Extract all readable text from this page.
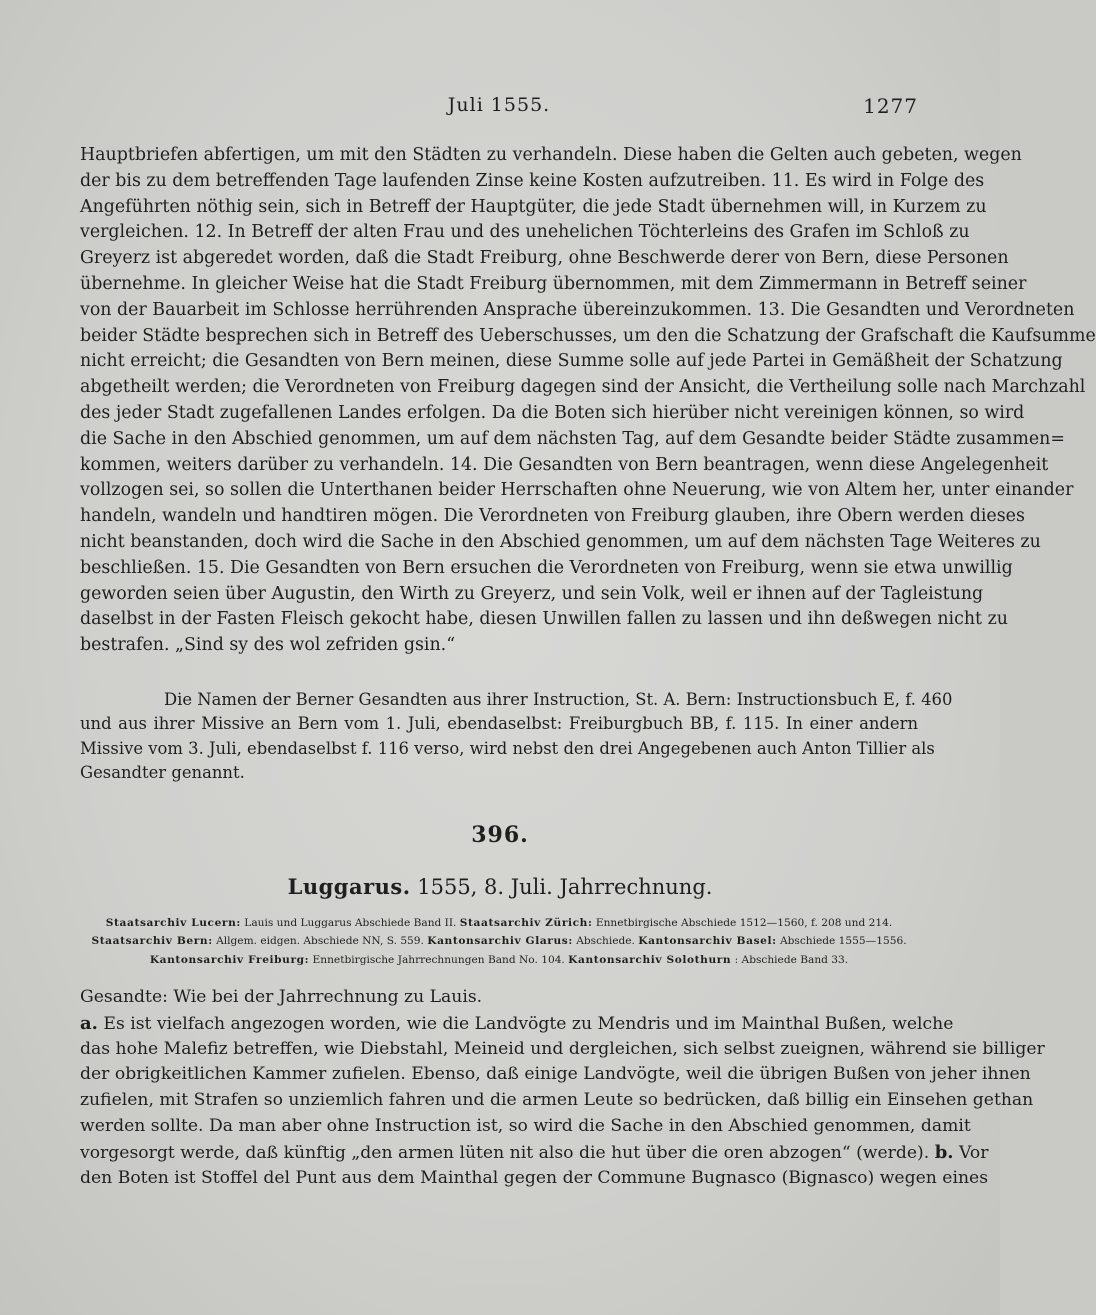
Juli 1555.	1277
Hauptbriefen abfertigen, um mit den Städten zu verhandeln. Diese haben die Gelten auch gebeten, wegen
der bis zu dem betreffenden Tage laufenden Zinse keine Kosten aufzutreiben. 11. Es wird in Folge des
Angeführten nöthig sein, sich in Betreff der Hauptgüter, die jede Stadt übernehmen will, in Kurzem zu
vergleichen. 12. In Betreff der alten Frau und des unehelichen Töchterleins des Grafen im Schloß zu
Greyerz ist abgeredet worden, daß die Stadt Freiburg, ohne Beschwerde derer von Bern, diese Personen
übernehme. In gleicher Weise hat die Stadt Freiburg übernommen, mit dem Zimmermann in Betreff seiner
von der Bauarbeit im Schlosse herrührenden Ansprache übereinzukommen. 13. Die Gesandten und Verordneten
beider Städte besprechen sich in Betreff des Ueberschusses, um den die Schatzung der Grafschaft die Kaufsumme
nicht erreicht; die Gesandten von Bern meinen, diese Summe solle auf jede Partei in Gemäßheit der Schatzung
abgetheilt werden; die Verordneten von Freiburg dagegen sind der Ansicht, die Vertheilung solle nach Marchzahl
des jeder Stadt zugefallenen Landes erfolgen. Da die Boten sich hierüber nicht vereinigen können, so wird
die Sache in den Abschied genommen, um auf dem nächsten Tag, auf dem Gesandte beider Städte zusammen=
kommen, weiters darüber zu verhandeln. 14. Die Gesandten von Bern beantragen, wenn diese Angelegenheit
vollzogen sei, so sollen die Unterthanen beider Herrschaften ohne Neuerung, wie von Altem her, unter einander
handeln, wandeln und handtiren mögen. Die Verordneten von Freiburg glauben, ihre Obern werden dieses
nicht beanstanden, doch wird die Sache in den Abschied genommen, um auf dem nächsten Tage Weiteres zu
beschließen. 15. Die Gesandten von Bern ersuchen die Verordneten von Freiburg, wenn sie etwa unwillig
geworden seien über Augustin, den Wirth zu Greyerz, und sein Volk, weil er ihnen auf der Tagleistung
daselbst in der Fasten Fleisch gekocht habe, diesen Unwillen fallen zu lassen und ihn deßwegen nicht zu
bestrafen. „Sind sy des wol zefriden gsin.“
Die Namen der Berner Gesandten aus ihrer Instruction, St. A. Bern: Instructionsbuch E, f. 460
und aus ihrer Missive an Bern vom 1. Juli, ebendaselbst: Freiburgbuch BB, f. 115. In einer andern
Missive vom 3. Juli, ebendaselbst f. 116 verso, wird nebst den drei Angegebenen auch Anton Tillier als
Gesandter genannt.
396.
Luggarus. 1555, 8. Juli. Jahrrechnung.
Staatsarchiv Lucern: Lauis und Luggarus Abschiede Band II. Staatsarchiv Zürich: Ennetbirgische Abschiede 1512—1560, f. 208 und 214.
Staatsarchiv Bern: Allgem. eidgen. Abschiede NN, S. 559. Kantonsarchiv Glarus: Abschiede. Kantonsarchiv Basel: Abschiede 1555—1556.
Kantonsarchiv Freiburg: Ennetbirgische Jahrrechnungen Band No. 104. Kantonsarchiv Solothurn : Abschiede Band 33.
Gesandte: Wie bei der Jahrrechnung zu Lauis.
a. Es ist vielfach angezogen worden, wie die Landvögte zu Mendris und im Mainthal Bußen, welche
das hohe Malefiz betreffen, wie Diebstahl, Meineid und dergleichen, sich selbst zueignen, während sie billiger
der obrigkeitlichen Kammer zufielen. Ebenso, daß einige Landvögte, weil die übrigen Bußen von jeher ihnen
zufielen, mit Strafen so unziemlich fahren und die armen Leute so bedrücken, daß billig ein Einsehen gethan
werden sollte. Da man aber ohne Instruction ist, so wird die Sache in den Abschied genommen, damit
vorgesorgt werde, daß künftig „den armen lüten nit also die hut über die oren abzogen“ (werde). b. Vor
den Boten ist Stoffel del Punt aus dem Mainthal gegen der Commune Bugnasco (Bignasco) wegen eines
